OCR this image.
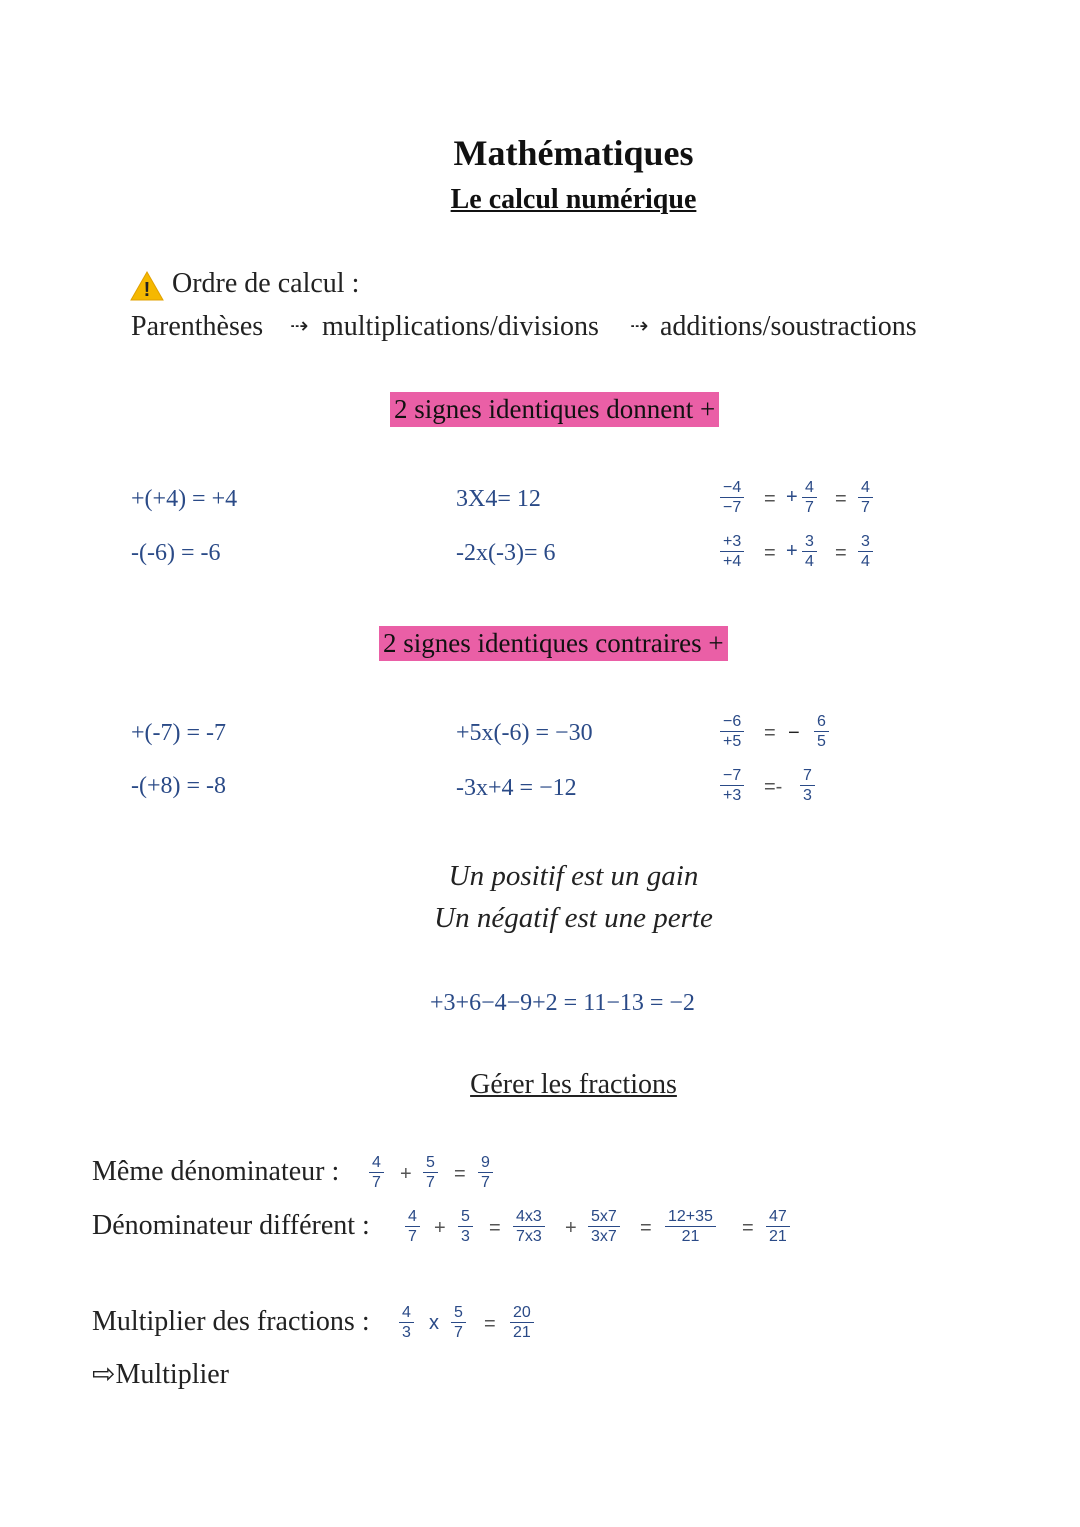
Mathématiques
Le calcul numérique
! Ordre de calcul :
Parenthèses ⇢ multiplications/divisions ⇢ additions/soustractions
2 signes identiques donnent +
+(+4) = +4
-(-6) = -6
3X4= 12
-2x(-3)= 6
$\frac{-4}{-7}$ = + $\frac{4}{7} = \frac{4}{7}$
$\frac{+3}{+4}$ = + $\frac{3}{4} = \frac{3}{4}$
2 signes identiques contraires +
+(-7) = -7
-(+8) = -8
+5x(-6) = −30
-3x+4 = −12
$\frac{-6}{+5}$ = − $\frac{6}{5}$
$\frac{-7}{+3} =- \frac{7}{3}$
Un positif est un gain
Un négatif est une perte
+3+6−4−9+2 = 11−13 = −2
Gérer les fractions
Même dénominateur : $\frac{4}{7} + \frac{5}{7} = \frac{9}{7}$
Dénominateur différent : $\frac{4}{7} + \frac{5}{3} = \frac{4x3}{7x3} + \frac{5x7}{3x7} = \frac{12+35}{21} = \frac{47}{21}$
Multiplier des fractions : $\frac{4}{3}$ x $\frac{5}{7} = \frac{20}{21}$
⇨Multiplier
